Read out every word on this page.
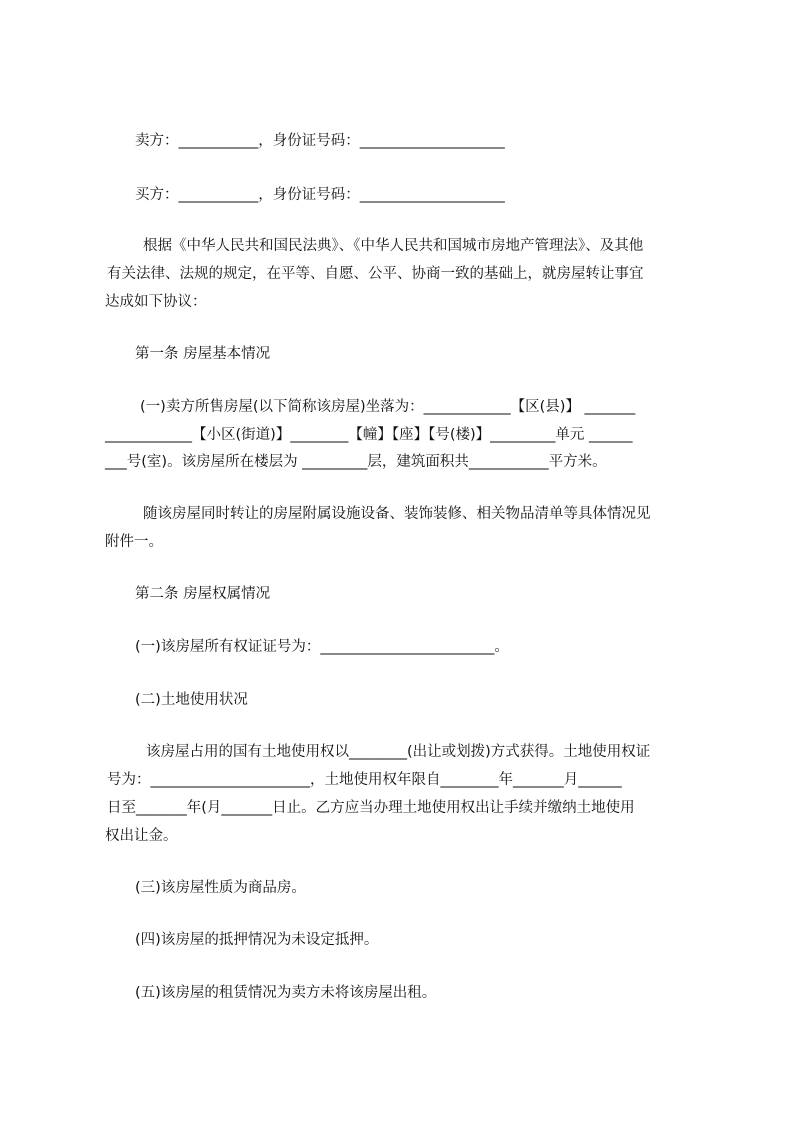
卖方：___________，身份证号码：____________________
买方：___________，身份证号码：____________________
根据《中华人民共和国民法典》、《中华人民共和国城市房地产管理法》、及其他
有关法律、法规的规定，在平等、自愿、公平、协商一致的基础上，就房屋转让事宜
达成如下协议：
第一条 房屋基本情况
(一)卖方所售房屋(以下简称该房屋)坐落为：____________【区(县)】 _______
____________【小区(街道)】________【幢】【座】【号(楼)】_________单元 ______
___号(室)。该房屋所在楼层为 _________层，建筑面积共___________平方米。
随该房屋同时转让的房屋附属设施设备、装饰装修、相关物品清单等具体情况见
附件一。
第二条 房屋权属情况
(一)该房屋所有权证证号为：________________________。
(二)土地使用状况
该房屋占用的国有土地使用权以________(出让或划拨)方式获得。土地使用权证
号为：______________________，土地使用权年限自________年_______月______
日至_______年(月_______日止。乙方应当办理土地使用权出让手续并缴纳土地使用
权出让金。
(三)该房屋性质为商品房。
(四)该房屋的抵押情况为未设定抵押。
(五)该房屋的租赁情况为卖方未将该房屋出租。
